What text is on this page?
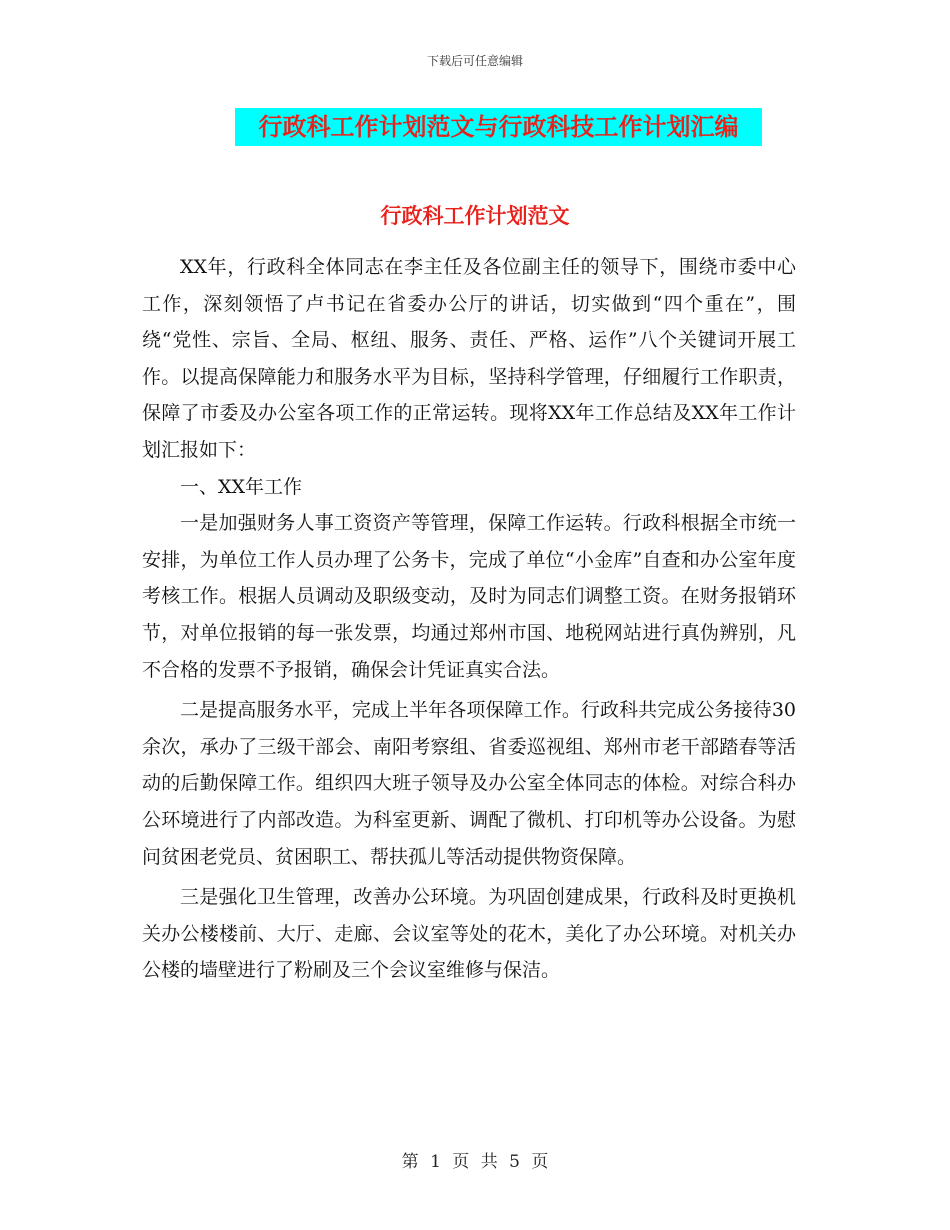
下载后可任意编辑
行政科工作计划范文与行政科技工作计划汇编
行政科工作计划范文

XX年，行政科全体同志在李主任及各位副主任的领导下，围绕市委中心工作，深刻领悟了卢书记在省委办公厅的讲话，切实做到“四个重在”，围绕“党性、宗旨、全局、枢纽、服务、责任、严格、运作”八个关键词开展工作。以提高保障能力和服务水平为目标，坚持科学管理，仔细履行工作职责，保障了市委及办公室各项工作的正常运转。现将XX年工作总结及XX年工作计划汇报如下：

一、XX年工作

一是加强财务人事工资资产等管理，保障工作运转。行政科根据全市统一安排，为单位工作人员办理了公务卡，完成了单位“小金库”自查和办公室年度考核工作。根据人员调动及职级变动，及时为同志们调整工资。在财务报销环节，对单位报销的每一张发票，均通过郑州市国、地税网站进行真伪辨别，凡不合格的发票不予报销，确保会计凭证真实合法。

二是提高服务水平，完成上半年各项保障工作。行政科共完成公务接待30余次，承办了三级干部会、南阳考察组、省委巡视组、郑州市老干部踏春等活动的后勤保障工作。组织四大班子领导及办公室全体同志的体检。对综合科办公环境进行了内部改造。为科室更新、调配了微机、打印机等办公设备。为慰问贫困老党员、贫困职工、帮扶孤儿等活动提供物资保障。

三是强化卫生管理，改善办公环境。为巩固创建成果，行政科及时更换机关办公楼楼前、大厅、走廊、会议室等处的花木，美化了办公环境。对机关办公楼的墙壁进行了粉刷及三个会议室维修与保洁。

第 1 页 共 5 页
